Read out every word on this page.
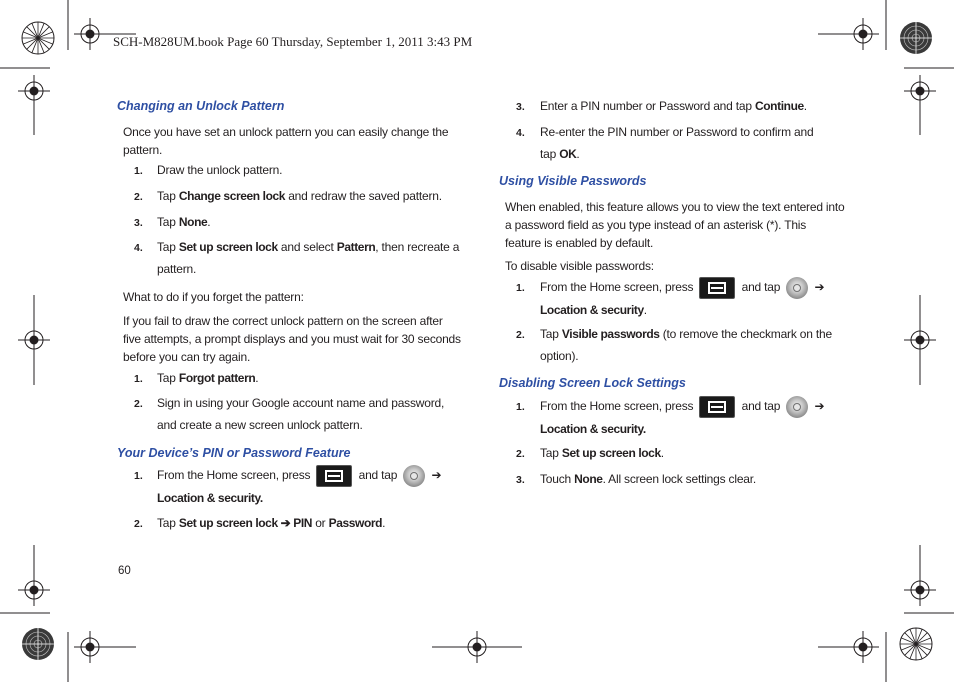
SCH-M828UM.book Page 60 Thursday, September 1, 2011 3:43 PM
Changing an Unlock Pattern
Once you have set an unlock pattern you can easily change the pattern.
1. Draw the unlock pattern.
2. Tap Change screen lock and redraw the saved pattern.
3. Tap None.
4. Tap Set up screen lock and select Pattern, then recreate a pattern.
What to do if you forget the pattern:
If you fail to draw the correct unlock pattern on the screen after five attempts, a prompt displays and you must wait for 30 seconds before you can try again.
1. Tap Forgot pattern.
2. Sign in using your Google account name and password, and create a new screen unlock pattern.
Your Device’s PIN or Password Feature
1. From the Home screen, press	and tap	➔
Location & security.
2. Tap Set up screen lock ➔ PIN or Password.
3. Enter a PIN number or Password and tap Continue.
4. Re-enter the PIN number or Password to confirm and
tap OK.
Using Visible Passwords
When enabled, this feature allows you to view the text entered into a password field as you type instead of an asterisk (*). This feature is enabled by default.
To disable visible passwords:
1. From the Home screen, press	and tap	➔
Location & security.
2. Tap Visible passwords (to remove the checkmark on the option).
Disabling Screen Lock Settings
1. From the Home screen, press	and tap	➔
Location & security.
2. Tap Set up screen lock.
3. Touch None. All screen lock settings clear.
60
